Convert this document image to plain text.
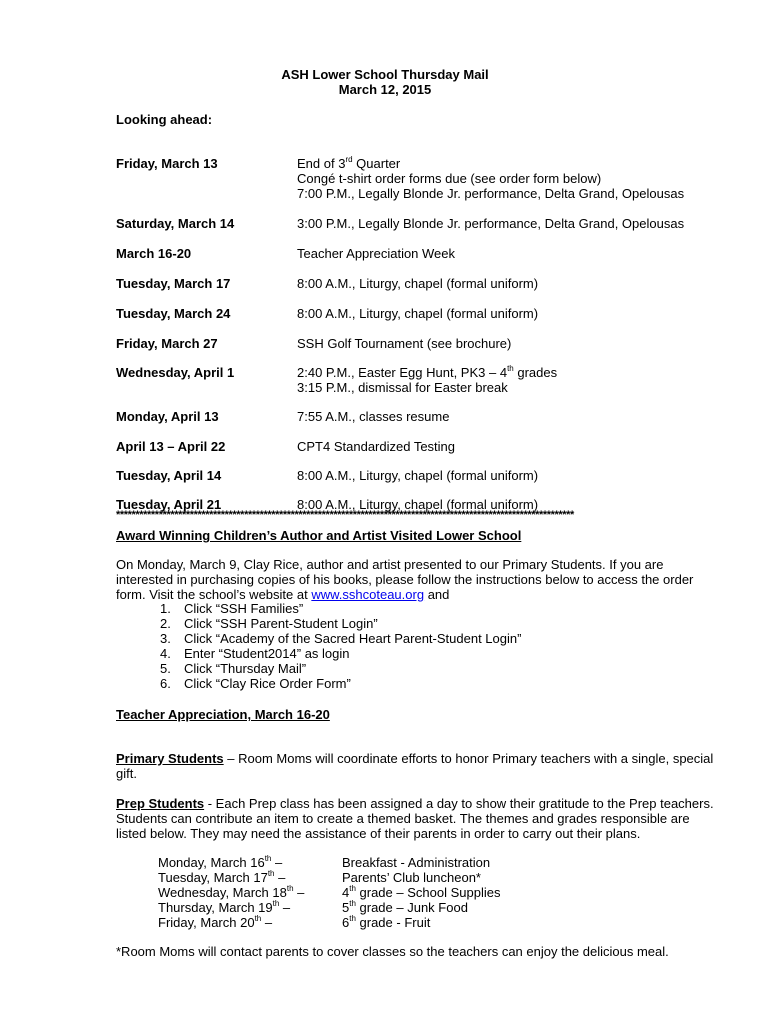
ASH Lower School Thursday Mail
March 12, 2015
Looking ahead:
Friday, March 13	End of 3rd Quarter
Congé t-shirt order forms due (see order form below)
7:00 P.M., Legally Blonde Jr. performance, Delta Grand, Opelousas
Saturday, March 14	3:00 P.M., Legally Blonde Jr. performance, Delta Grand, Opelousas
March 16-20	Teacher Appreciation Week
Tuesday, March 17	8:00 A.M., Liturgy, chapel (formal uniform)
Tuesday, March 24	8:00 A.M., Liturgy, chapel (formal uniform)
Friday, March 27	SSH Golf Tournament (see brochure)
Wednesday, April 1	2:40 P.M., Easter Egg Hunt, PK3 – 4th grades
3:15 P.M., dismissal for Easter break
Monday, April 13	7:55 A.M., classes resume
April 13 – April 22	CPT4 Standardized Testing
Tuesday, April 14	8:00 A.M., Liturgy, chapel (formal uniform)
Tuesday, April 21	8:00 A.M., Liturgy, chapel (formal uniform)
**********************************************************************************************************************
Award Winning Children’s Author and Artist Visited Lower School
On Monday, March 9, Clay Rice, author and artist presented to our Primary Students. If you are interested in purchasing copies of his books, please follow the instructions below to access the order form. Visit the school’s website at www.sshcoteau.org and
1. Click “SSH Families”
2. Click “SSH Parent-Student Login”
3. Click “Academy of the Sacred Heart Parent-Student Login”
4. Enter “Student2014” as login
5. Click “Thursday Mail”
6. Click “Clay Rice Order Form”
Teacher Appreciation, March 16-20
Primary Students – Room Moms will coordinate efforts to honor Primary teachers with a single, special gift.
Prep Students - Each Prep class has been assigned a day to show their gratitude to the Prep teachers. Students can contribute an item to create a themed basket. The themes and grades responsible are listed below. They may need the assistance of their parents in order to carry out their plans.
Monday, March 16th –	Breakfast - Administration
Tuesday, March 17th –	Parents’ Club luncheon*
Wednesday, March 18th –	4th grade – School Supplies
Thursday, March 19th –	5th grade – Junk Food
Friday, March 20th –	6th grade - Fruit
*Room Moms will contact parents to cover classes so the teachers can enjoy the delicious meal.
